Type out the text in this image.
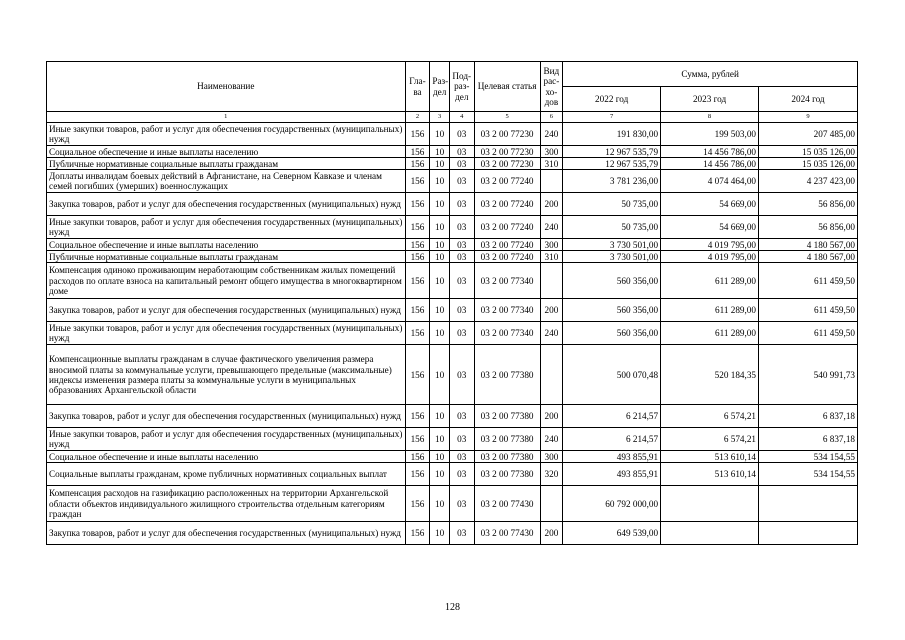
Наименование	Гла-ва	Раз-дел	Под-раз-дел	Целевая статья	Вид рас-хо-дов	Сумма, рублей		
						2022 год	2023 год	2024 год
1	2	3	4	5	6	7	8	9
Иные закупки товаров, работ и услуг для обеспечения государственных (муниципальных) нужд	156	10	03	03 2 00 77230	240	191 830,00	199 503,00	207 485,00
Социальное обеспечение и иные выплаты населению	156	10	03	03 2 00 77230	300	12 967 535,79	14 456 786,00	15 035 126,00
Публичные нормативные социальные выплаты гражданам	156	10	03	03 2 00 77230	310	12 967 535,79	14 456 786,00	15 035 126,00
Доплаты инвалидам боевых действий в Афганистане, на Северном Кавказе и членам семей погибших (умерших) военнослужащих	156	10	03	03 2 00 77240		3 781 236,00	4 074 464,00	4 237 423,00
Закупка товаров, работ и услуг для обеспечения государственных (муниципальных) нужд	156	10	03	03 2 00 77240	200	50 735,00	54 669,00	56 856,00
Иные закупки товаров, работ и услуг для обеспечения государственных (муниципальных) нужд	156	10	03	03 2 00 77240	240	50 735,00	54 669,00	56 856,00
Социальное обеспечение и иные выплаты населению	156	10	03	03 2 00 77240	300	3 730 501,00	4 019 795,00	4 180 567,00
Публичные нормативные социальные выплаты гражданам	156	10	03	03 2 00 77240	310	3 730 501,00	4 019 795,00	4 180 567,00
Компенсация одиноко проживающим неработающим собственникам жилых помещений расходов по оплате взноса на капитальный ремонт общего имущества в многоквартирном доме	156	10	03	03 2 00 77340		560 356,00	611 289,00	611 459,50
Закупка товаров, работ и услуг для обеспечения государственных (муниципальных) нужд	156	10	03	03 2 00 77340	200	560 356,00	611 289,00	611 459,50
Иные закупки товаров, работ и услуг для обеспечения государственных (муниципальных) нужд	156	10	03	03 2 00 77340	240	560 356,00	611 289,00	611 459,50
Компенсационные выплаты гражданам в случае фактического увеличения размера вносимой платы за коммунальные услуги, превышающего предельные (максимальные) индексы изменения размера платы за коммунальные услуги в муниципальных образованиях Архангельской области	156	10	03	03 2 00 77380		500 070,48	520 184,35	540 991,73
Закупка товаров, работ и услуг для обеспечения государственных (муниципальных) нужд	156	10	03	03 2 00 77380	200	6 214,57	6 574,21	6 837,18
Иные закупки товаров, работ и услуг для обеспечения государственных (муниципальных) нужд	156	10	03	03 2 00 77380	240	6 214,57	6 574,21	6 837,18
Социальное обеспечение и иные выплаты населению	156	10	03	03 2 00 77380	300	493 855,91	513 610,14	534 154,55
Социальные выплаты гражданам, кроме публичных нормативных социальных выплат	156	10	03	03 2 00 77380	320	493 855,91	513 610,14	534 154,55
Компенсация расходов на газификацию расположенных на территории Архангельской области объектов индивидуального жилищного строительства отдельным категориям граждан	156	10	03	03 2 00 77430		60 792 000,00		
Закупка товаров, работ и услуг для обеспечения государственных (муниципальных) нужд	156	10	03	03 2 00 77430	200	649 539,00		
128
